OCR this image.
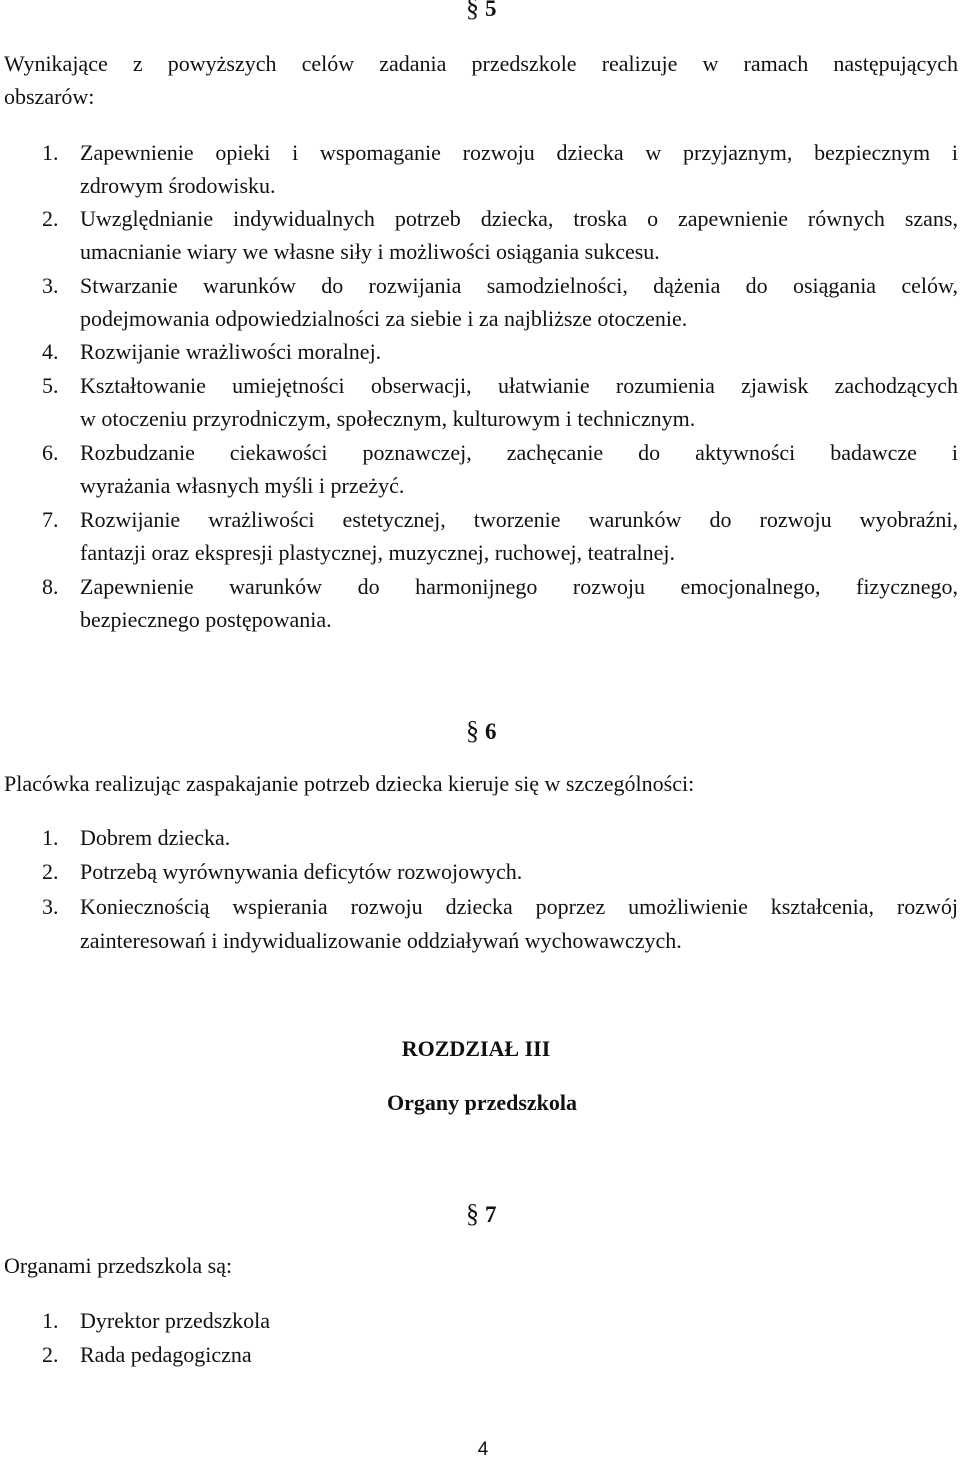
§ 5
Wynikające z powyższych celów zadania przedszkole realizuje w ramach następujących
obszarów:
1. Zapewnienie opieki i wspomaganie rozwoju dziecka w przyjaznym, bezpiecznym i
zdrowym środowisku.
2. Uwzględnianie indywidualnych potrzeb dziecka, troska o zapewnienie równych szans,
umacnianie wiary we własne siły i możliwości osiągania sukcesu.
3. Stwarzanie warunków do rozwijania samodzielności, dążenia do osiągania celów,
podejmowania odpowiedzialności za siebie i za najbliższe otoczenie.
4. Rozwijanie wrażliwości moralnej.
5. Kształtowanie umiejętności obserwacji, ułatwianie rozumienia zjawisk zachodzących
w otoczeniu przyrodniczym, społecznym, kulturowym i technicznym.
6. Rozbudzanie ciekawości poznawczej, zachęcanie do aktywności badawcze i
wyrażania własnych myśli i przeżyć.
7. Rozwijanie wrażliwości estetycznej, tworzenie warunków do rozwoju wyobraźni,
fantazji oraz ekspresji plastycznej, muzycznej, ruchowej, teatralnej.
8. Zapewnienie warunków do harmonijnego rozwoju emocjonalnego, fizycznego,
bezpiecznego postępowania.
§ 6
Placówka realizując zaspakajanie potrzeb dziecka kieruje się w szczególności:
1. Dobrem dziecka.
2. Potrzebą wyrównywania deficytów rozwojowych.
3. Koniecznością wspierania rozwoju dziecka poprzez umożliwienie kształcenia, rozwój
zainteresowań i indywidualizowanie oddziaływań wychowawczych.
ROZDZIAŁ III
Organy przedszkola
§ 7
Organami przedszkola są:
1. Dyrektor przedszkola
2. Rada pedagogiczna
4
